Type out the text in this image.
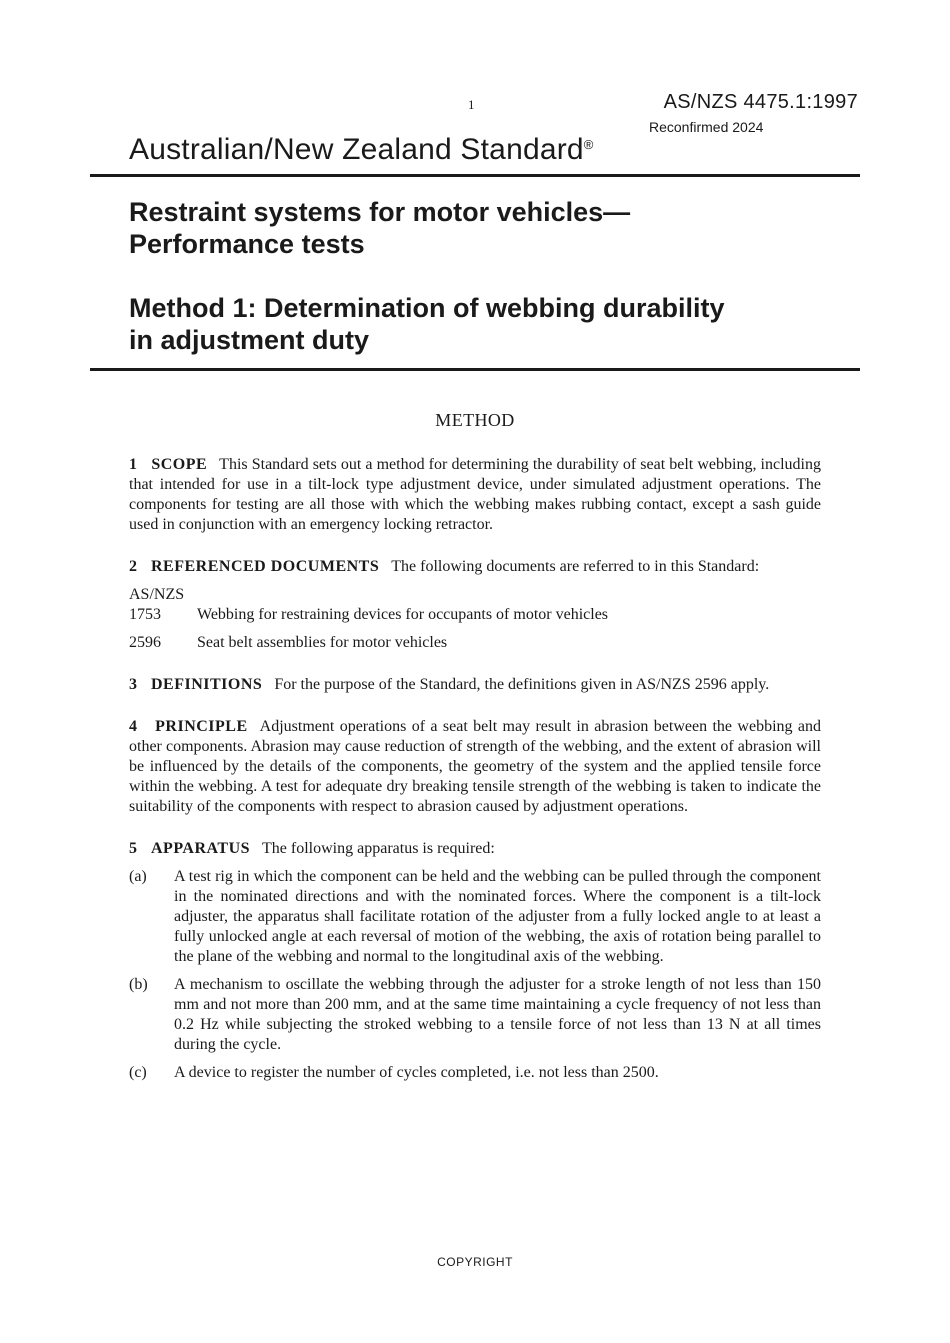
1	AS/NZS 4475.1:1997
Reconfirmed 2024
Australian/New Zealand Standard®
Restraint systems for motor vehicles—
Performance tests
Method 1: Determination of webbing durability
in adjustment duty
METHOD

1 SCOPE This Standard sets out a method for determining the durability of seat belt webbing, including that intended for use in a tilt-lock type adjustment device, under simulated adjustment operations. The components for testing are all those with which the webbing makes rubbing contact, except a sash guide used in conjunction with an emergency locking retractor.

2 REFERENCED DOCUMENTS The following documents are referred to in this Standard:

AS/NZS
1753	Webbing for restraining devices for occupants of motor vehicles
2596	Seat belt assemblies for motor vehicles

3 DEFINITIONS For the purpose of the Standard, the definitions given in AS/NZS 2596 apply.

4 PRINCIPLE Adjustment operations of a seat belt may result in abrasion between the webbing and other components. Abrasion may cause reduction of strength of the webbing, and the extent of abrasion will be influenced by the details of the components, the geometry of the system and the applied tensile force within the webbing. A test for adequate dry breaking tensile strength of the webbing is taken to indicate the suitability of the components with respect to abrasion caused by adjustment operations.

5 APPARATUS The following apparatus is required:

(a)	A test rig in which the component can be held and the webbing can be pulled through the component in the nominated directions and with the nominated forces. Where the component is a tilt-lock adjuster, the apparatus shall facilitate rotation of the adjuster from a fully locked angle to at least a fully unlocked angle at each reversal of motion of the webbing, the axis of rotation being parallel to the plane of the webbing and normal to the longitudinal axis of the webbing.
(b)	A mechanism to oscillate the webbing through the adjuster for a stroke length of not less than 150 mm and not more than 200 mm, and at the same time maintaining a cycle frequency of not less than 0.2 Hz while subjecting the stroked webbing to a tensile force of not less than 13 N at all times during the cycle.
(c)	A device to register the number of cycles completed, i.e. not less than 2500.
COPYRIGHT
